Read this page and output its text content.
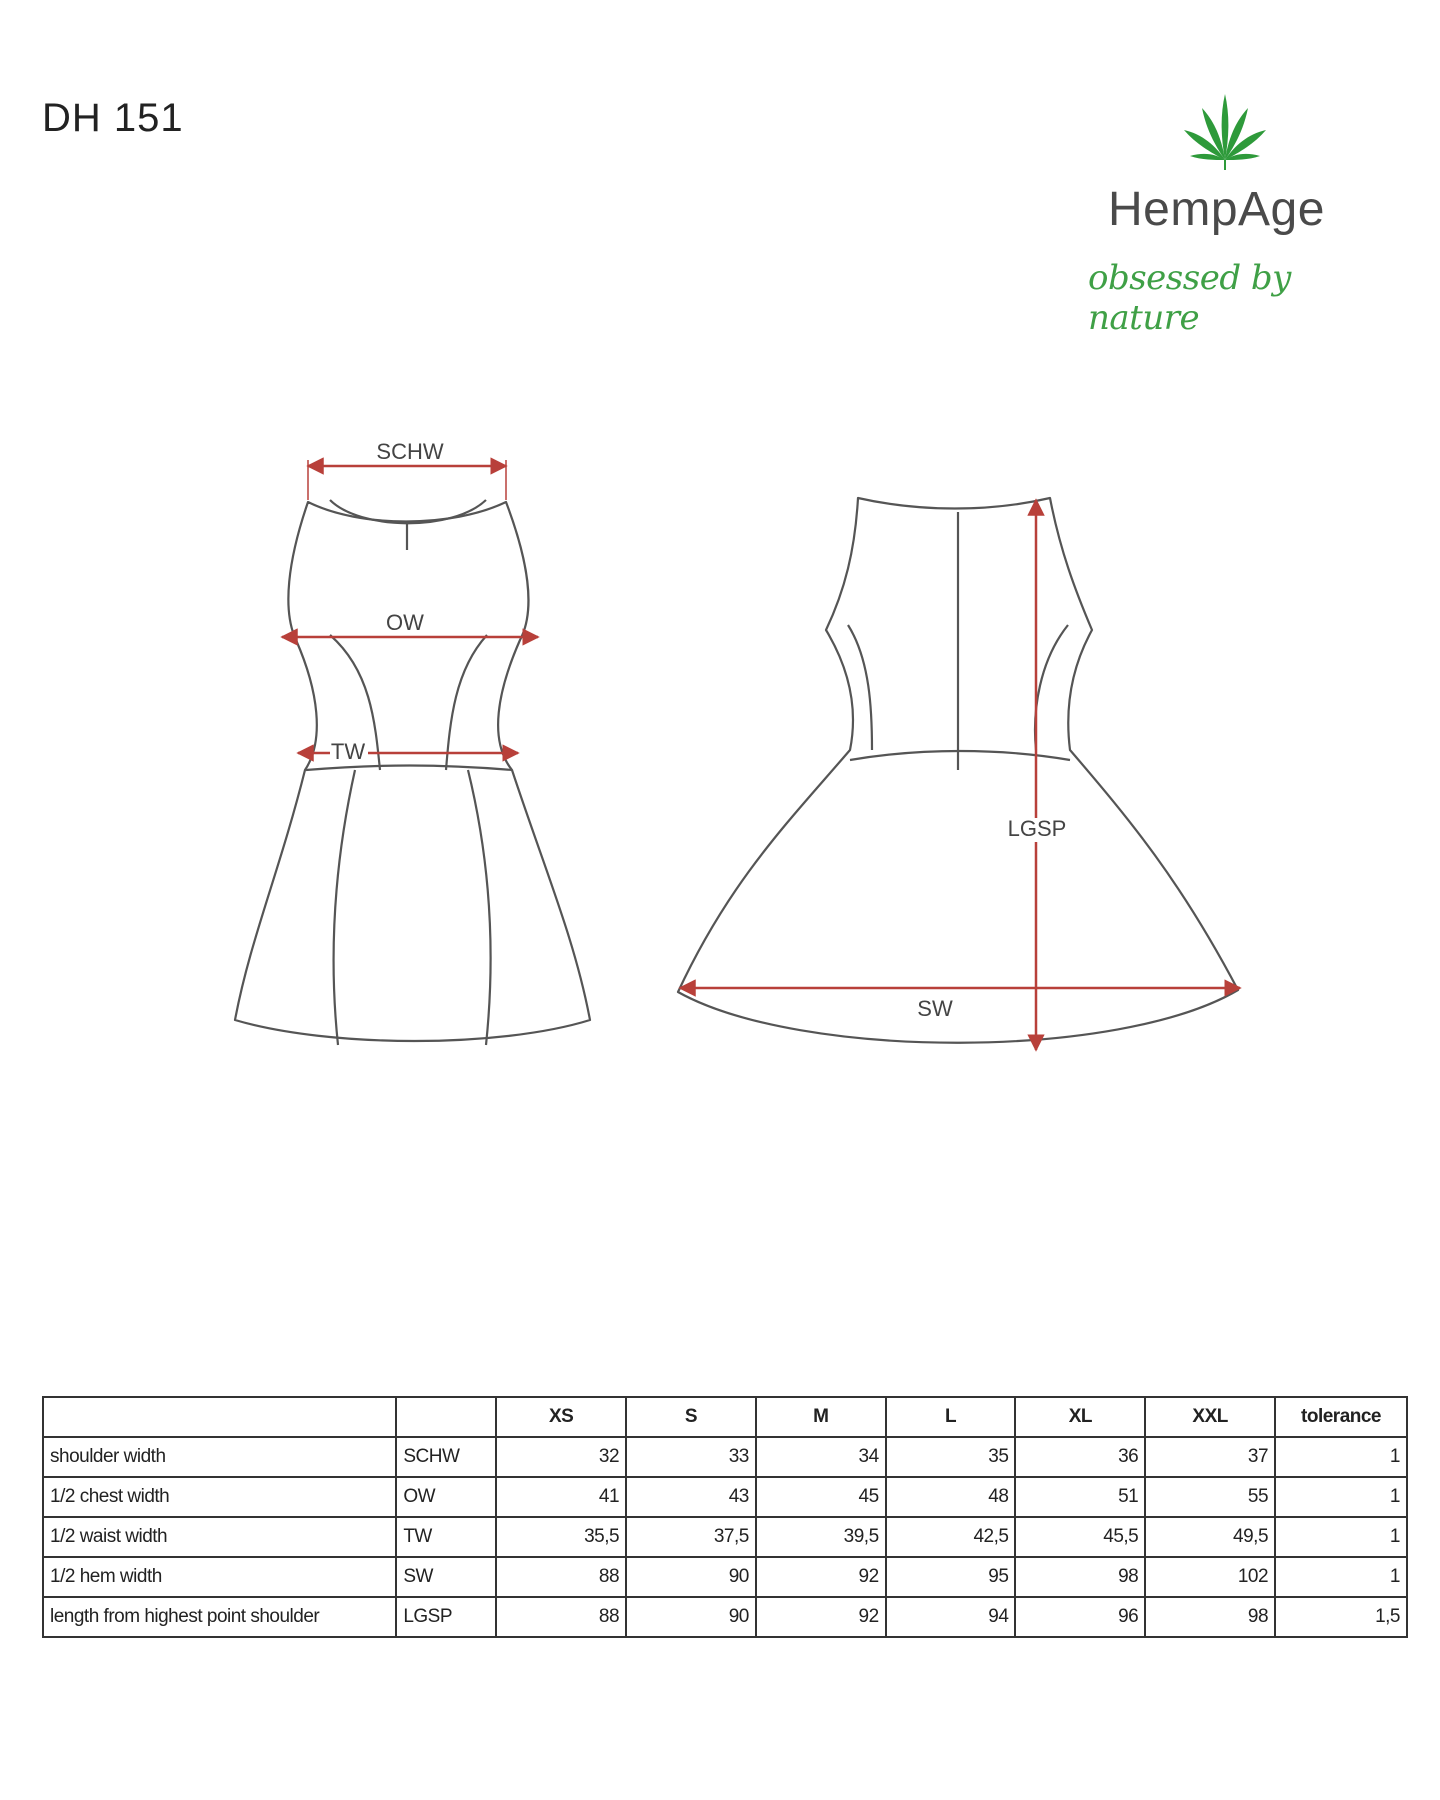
DH 151
HempAge
obsessed by nature
SCHW
OW
TW
LGSP
SW
		XS	S	M	L	XL	XXL	tolerance
shoulder width	SCHW	32	33	34	35	36	37	1
1/2 chest width	OW	41	43	45	48	51	55	1
1/2 waist width	TW	35,5	37,5	39,5	42,5	45,5	49,5	1
1/2 hem width	SW	88	90	92	95	98	102	1
length from highest point shoulder	LGSP	88	90	92	94	96	98	1,5
